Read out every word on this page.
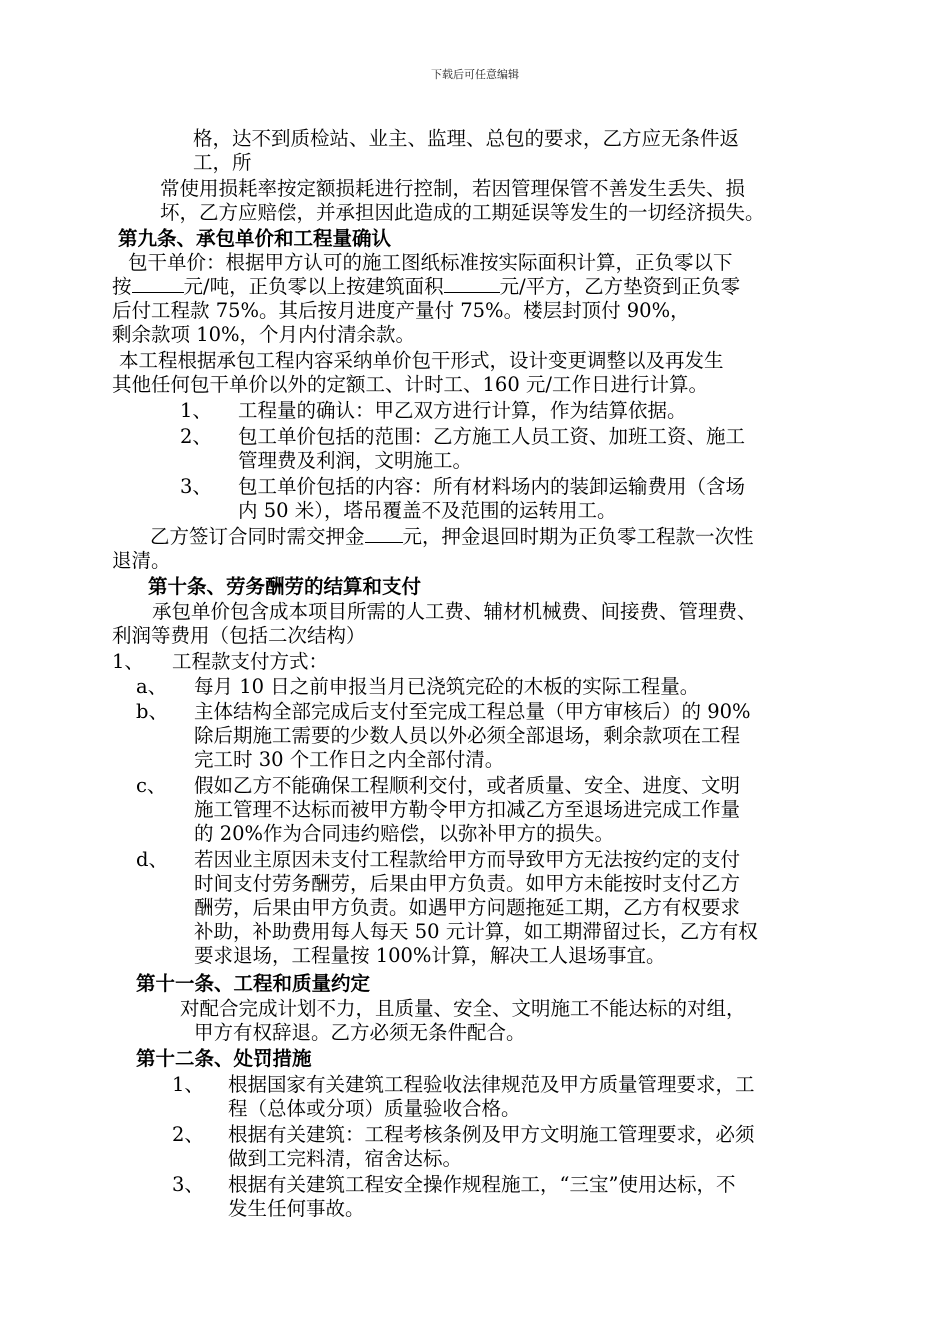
下载后可任意编辑
格，达不到质检站、业主、监理、总包的要求，乙方应无条件返
工，所
常使用损耗率按定额损耗进行控制，若因管理保管不善发生丢失、损
坏，乙方应赔偿，并承担因此造成的工期延误等发生的一切经济损失。
第九条、承包单价和工程量确认
包干单价：根据甲方认可的施工图纸标准按实际面积计算，正负零以下
按	元/吨，正负零以上按建筑面积	元/平方，乙方垫资到正负零
后付工程款 75%。其后按月进度产量付 75%。楼层封顶付 90%，
剩余款项 10%，个月内付清余款。
本工程根据承包工程内容采纳单价包干形式，设计变更调整以及再发生
其他任何包干单价以外的定额工、计时工、160 元/工作日进行计算。
1、 工程量的确认：甲乙双方进行计算，作为结算依据。
2、 包工单价包括的范围：乙方施工人员工资、加班工资、施工
管理费及利润，文明施工。
3、 包工单价包括的内容：所有材料场内的装卸运输费用（含场
内 50 米），塔吊覆盖不及范围的运转用工。
乙方签订合同时需交押金 元，押金退回时期为正负零工程款一次性
退清。
第十条、劳务酬劳的结算和支付
承包单价包含成本项目所需的人工费、辅材机械费、间接费、管理费、
利润等费用（包括二次结构）
1、 工程款支付方式：
a、 每月 10 日之前申报当月已浇筑完砼的木板的实际工程量。
b、 主体结构全部完成后支付至完成工程总量（甲方审核后）的 90%
除后期施工需要的少数人员以外必须全部退场，剩余款项在工程
完工时 30 个工作日之内全部付清。
c、 假如乙方不能确保工程顺利交付，或者质量、安全、进度、文明
施工管理不达标而被甲方勒令甲方扣减乙方至退场进完成工作量
的 20%作为合同违约赔偿，以弥补甲方的损失。
d、 若因业主原因未支付工程款给甲方而导致甲方无法按约定的支付
时间支付劳务酬劳，后果由甲方负责。如甲方未能按时支付乙方
酬劳，后果由甲方负责。如遇甲方问题拖延工期，乙方有权要求
补助，补助费用每人每天 50 元计算，如工期滞留过长，乙方有权
要求退场，工程量按 100%计算，解决工人退场事宜。
第十一条、工程和质量约定
对配合完成计划不力，且质量、安全、文明施工不能达标的对组，
甲方有权辞退。乙方必须无条件配合。
第十二条、处罚措施
1、 根据国家有关建筑工程验收法律规范及甲方质量管理要求，工
程（总体或分项）质量验收合格。
2、 根据有关建筑：工程考核条例及甲方文明施工管理要求，必须
做到工完料清，宿舍达标。
3、 根据有关建筑工程安全操作规程施工，“三宝”使用达标，不
发生任何事故。
